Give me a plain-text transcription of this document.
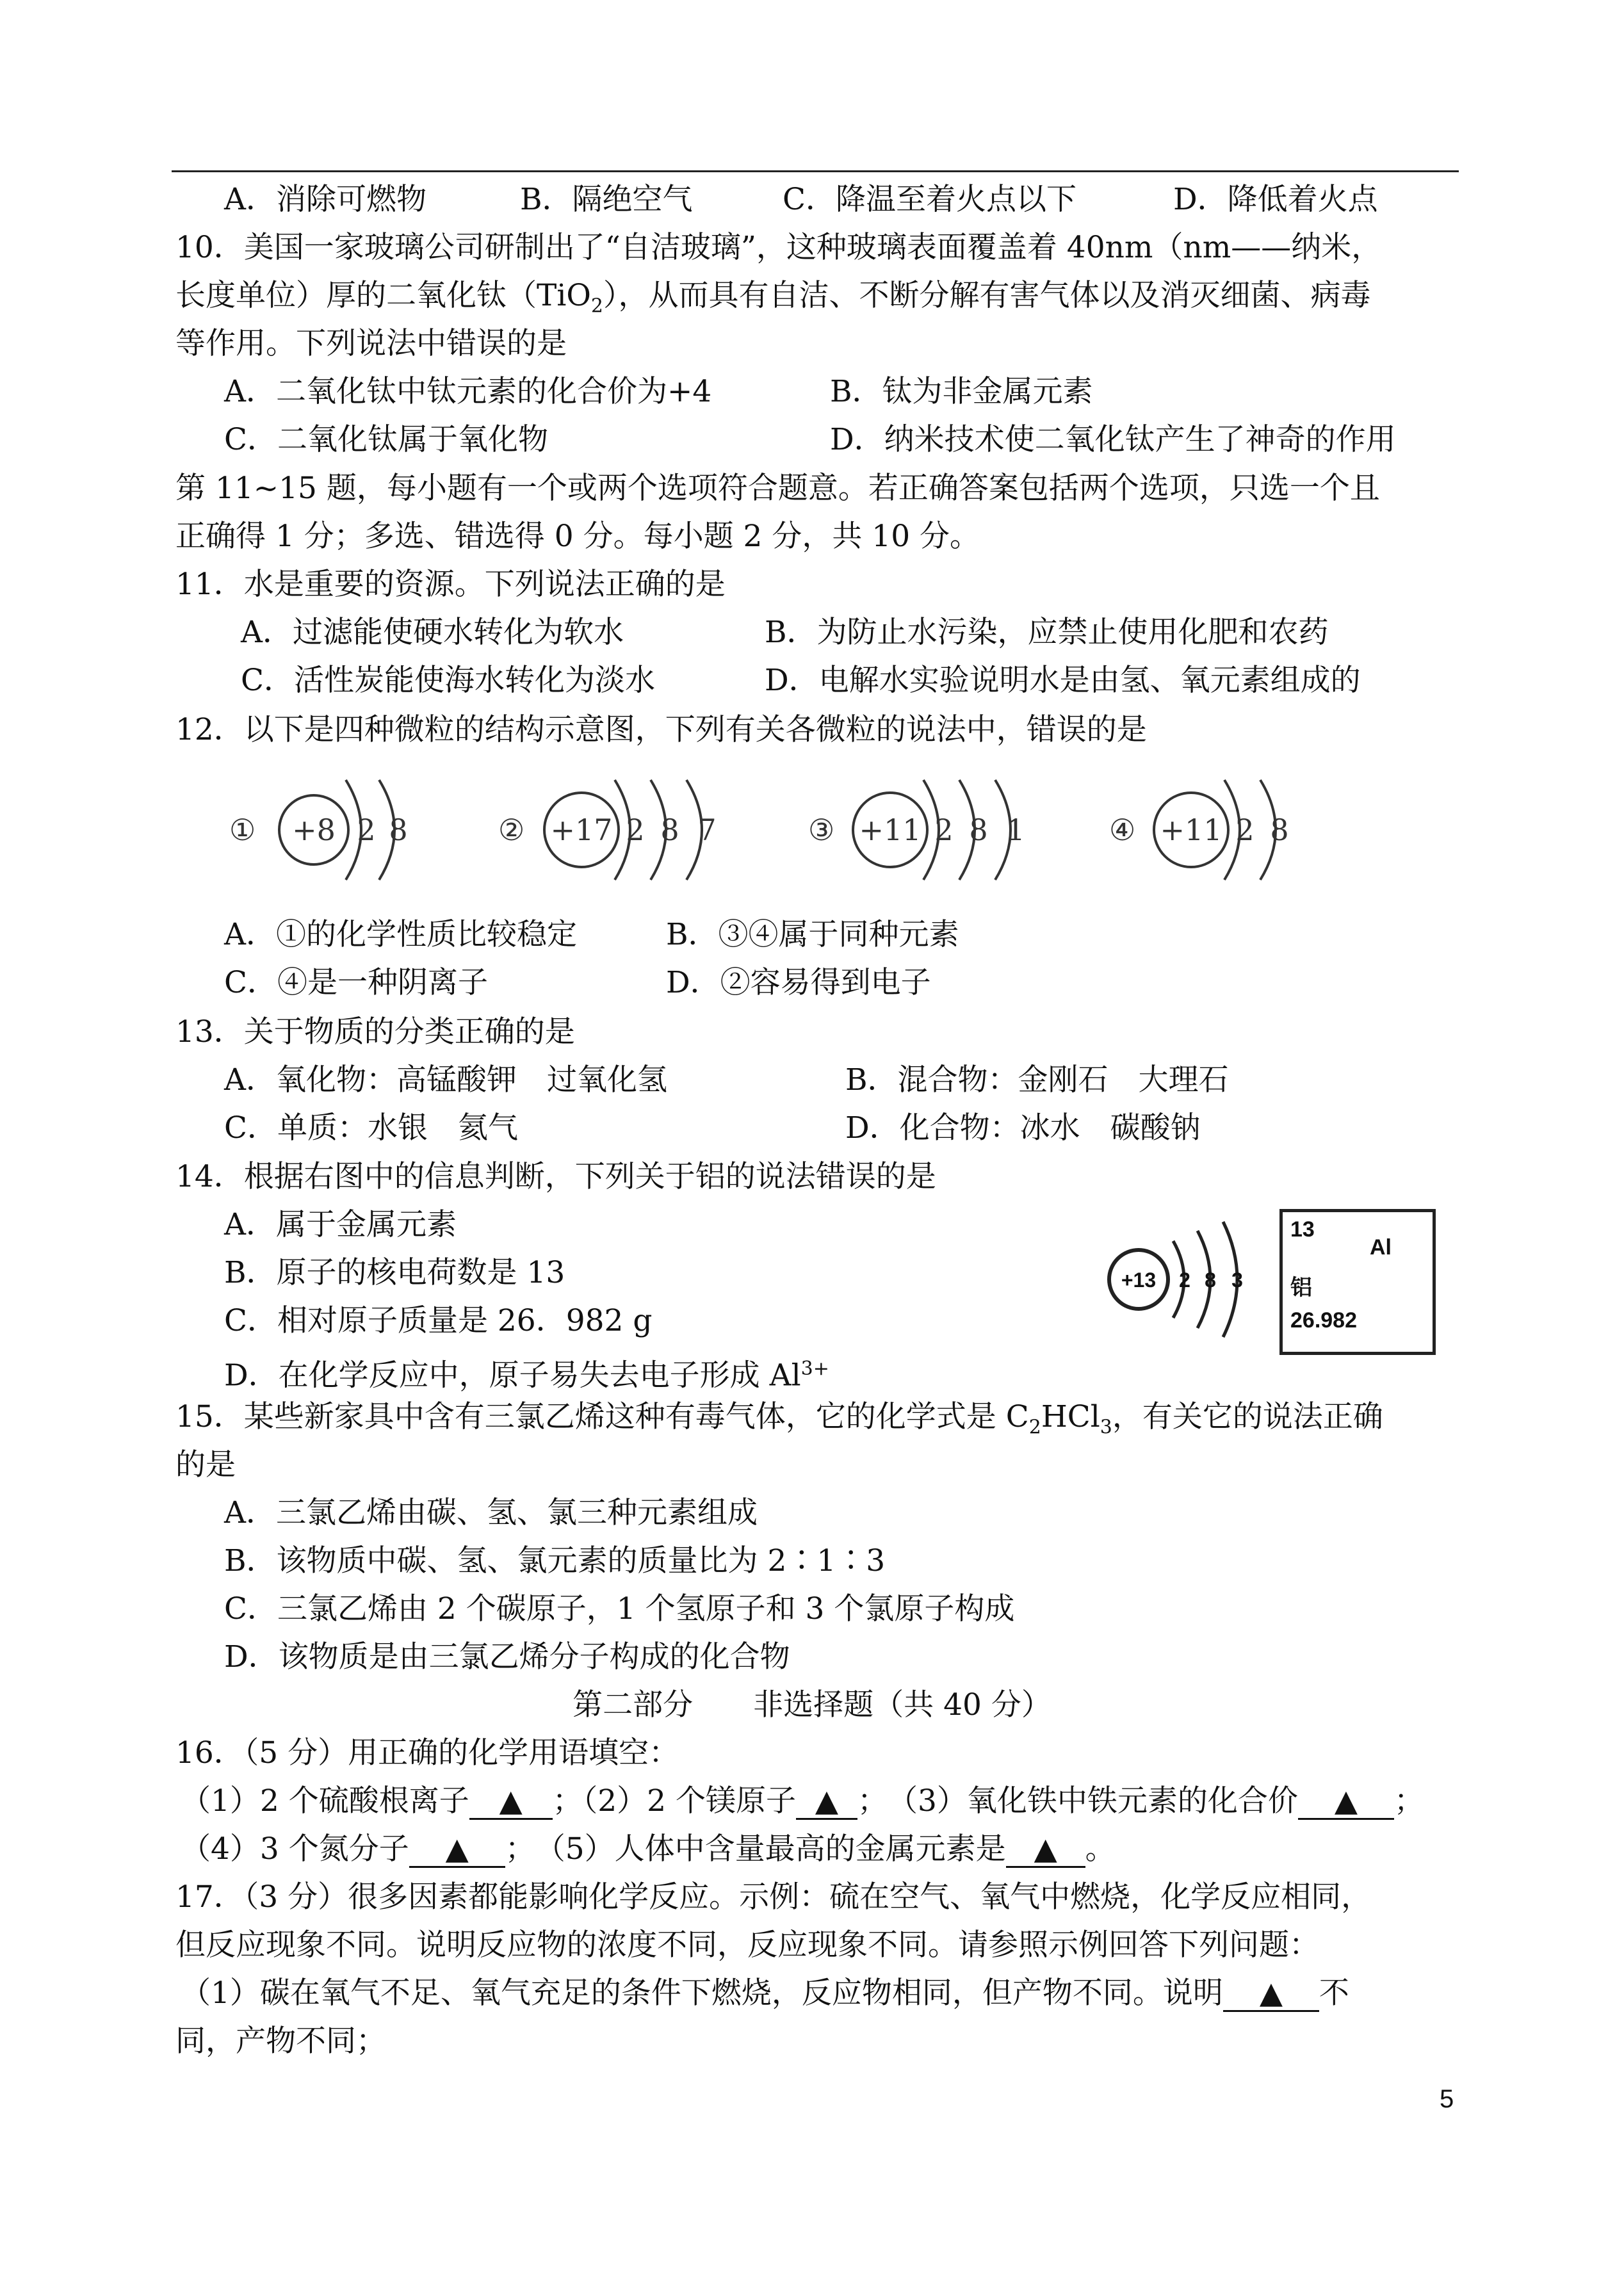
A．消除可燃物	B．隔绝空气	C．降温至着火点以下	D．降低着火点
10．美国一家玻璃公司研制出了“自洁玻璃”，这种玻璃表面覆盖着 40nm（nm——纳米，
长度单位）厚的二氧化钛（TiO$_2$），从而具有自洁、不断分解有害气体以及消灭细菌、病毒
等作用。下列说法中错误的是
A．二氧化钛中钛元素的化合价为+4	B．钛为非金属元素
C．二氧化钛属于氧化物	D．纳米技术使二氧化钛产生了神奇的作用
第 11~15 题，每小题有一个或两个选项符合题意。若正确答案包括两个选项，只选一个且
正确得 1 分；多选、错选得 0 分。每小题 2 分，共 10 分。
11．水是重要的资源。下列说法正确的是
A．过滤能使硬水转化为软水	B．为防止水污染，应禁止使用化肥和农药
C．活性炭能使海水转化为淡水	D．电解水实验说明水是由氢、氧元素组成的
12．以下是四种微粒的结构示意图，下列有关各微粒的说法中，错误的是
① +8 2 8	② +17 2 8 7	③ +11 2 8 1	④ +11 2 8
A．①的化学性质比较稳定	B．③④属于同种元素
C．④是一种阴离子	D．②容易得到电子
13．关于物质的分类正确的是
A．氧化物：高锰酸钾　过氧化氢	B．混合物：金刚石　大理石
C．单质：水银　氦气	D．化合物：冰水　碳酸钠
14．根据右图中的信息判断，下列关于铝的说法错误的是
A．属于金属元素
B．原子的核电荷数是 13
C．相对原子质量是 26．982 g
D．在化学反应中，原子易失去电子形成 $Al^{3+}$
+13 2 8 3
13
Al
铝
26.982
15．某些新家具中含有三氯乙烯这种有毒气体，它的化学式是 $C_2HCl_3$，有关它的说法正确
的是
A．三氯乙烯由碳、氢、氯三种元素组成
B．该物质中碳、氢、氯元素的质量比为 2∶1∶3
C．三氯乙烯由 2 个碳原子，1 个氢原子和 3 个氯原子构成
D．该物质是由三氯乙烯分子构成的化合物
第二部分　　非选择题（共 40 分）
16．（5 分）用正确的化学用语填空：
（1）2 个硫酸根离子 ▲ ；（2）2 个镁原子 ▲ ；　（3）氧化铁中铁元素的化合价 ▲ ；
（4）3 个氮分子 ▲ ；　（5）人体中含量最高的金属元素是 ▲ 。
17．（3 分）很多因素都能影响化学反应。示例：硫在空气、氧气中燃烧，化学反应相同，
但反应现象不同。说明反应物的浓度不同，反应现象不同。请参照示例回答下列问题：
（1）碳在氧气不足、氧气充足的条件下燃烧，反应物相同，但产物不同。说明 ▲ 不
同，产物不同；
5
